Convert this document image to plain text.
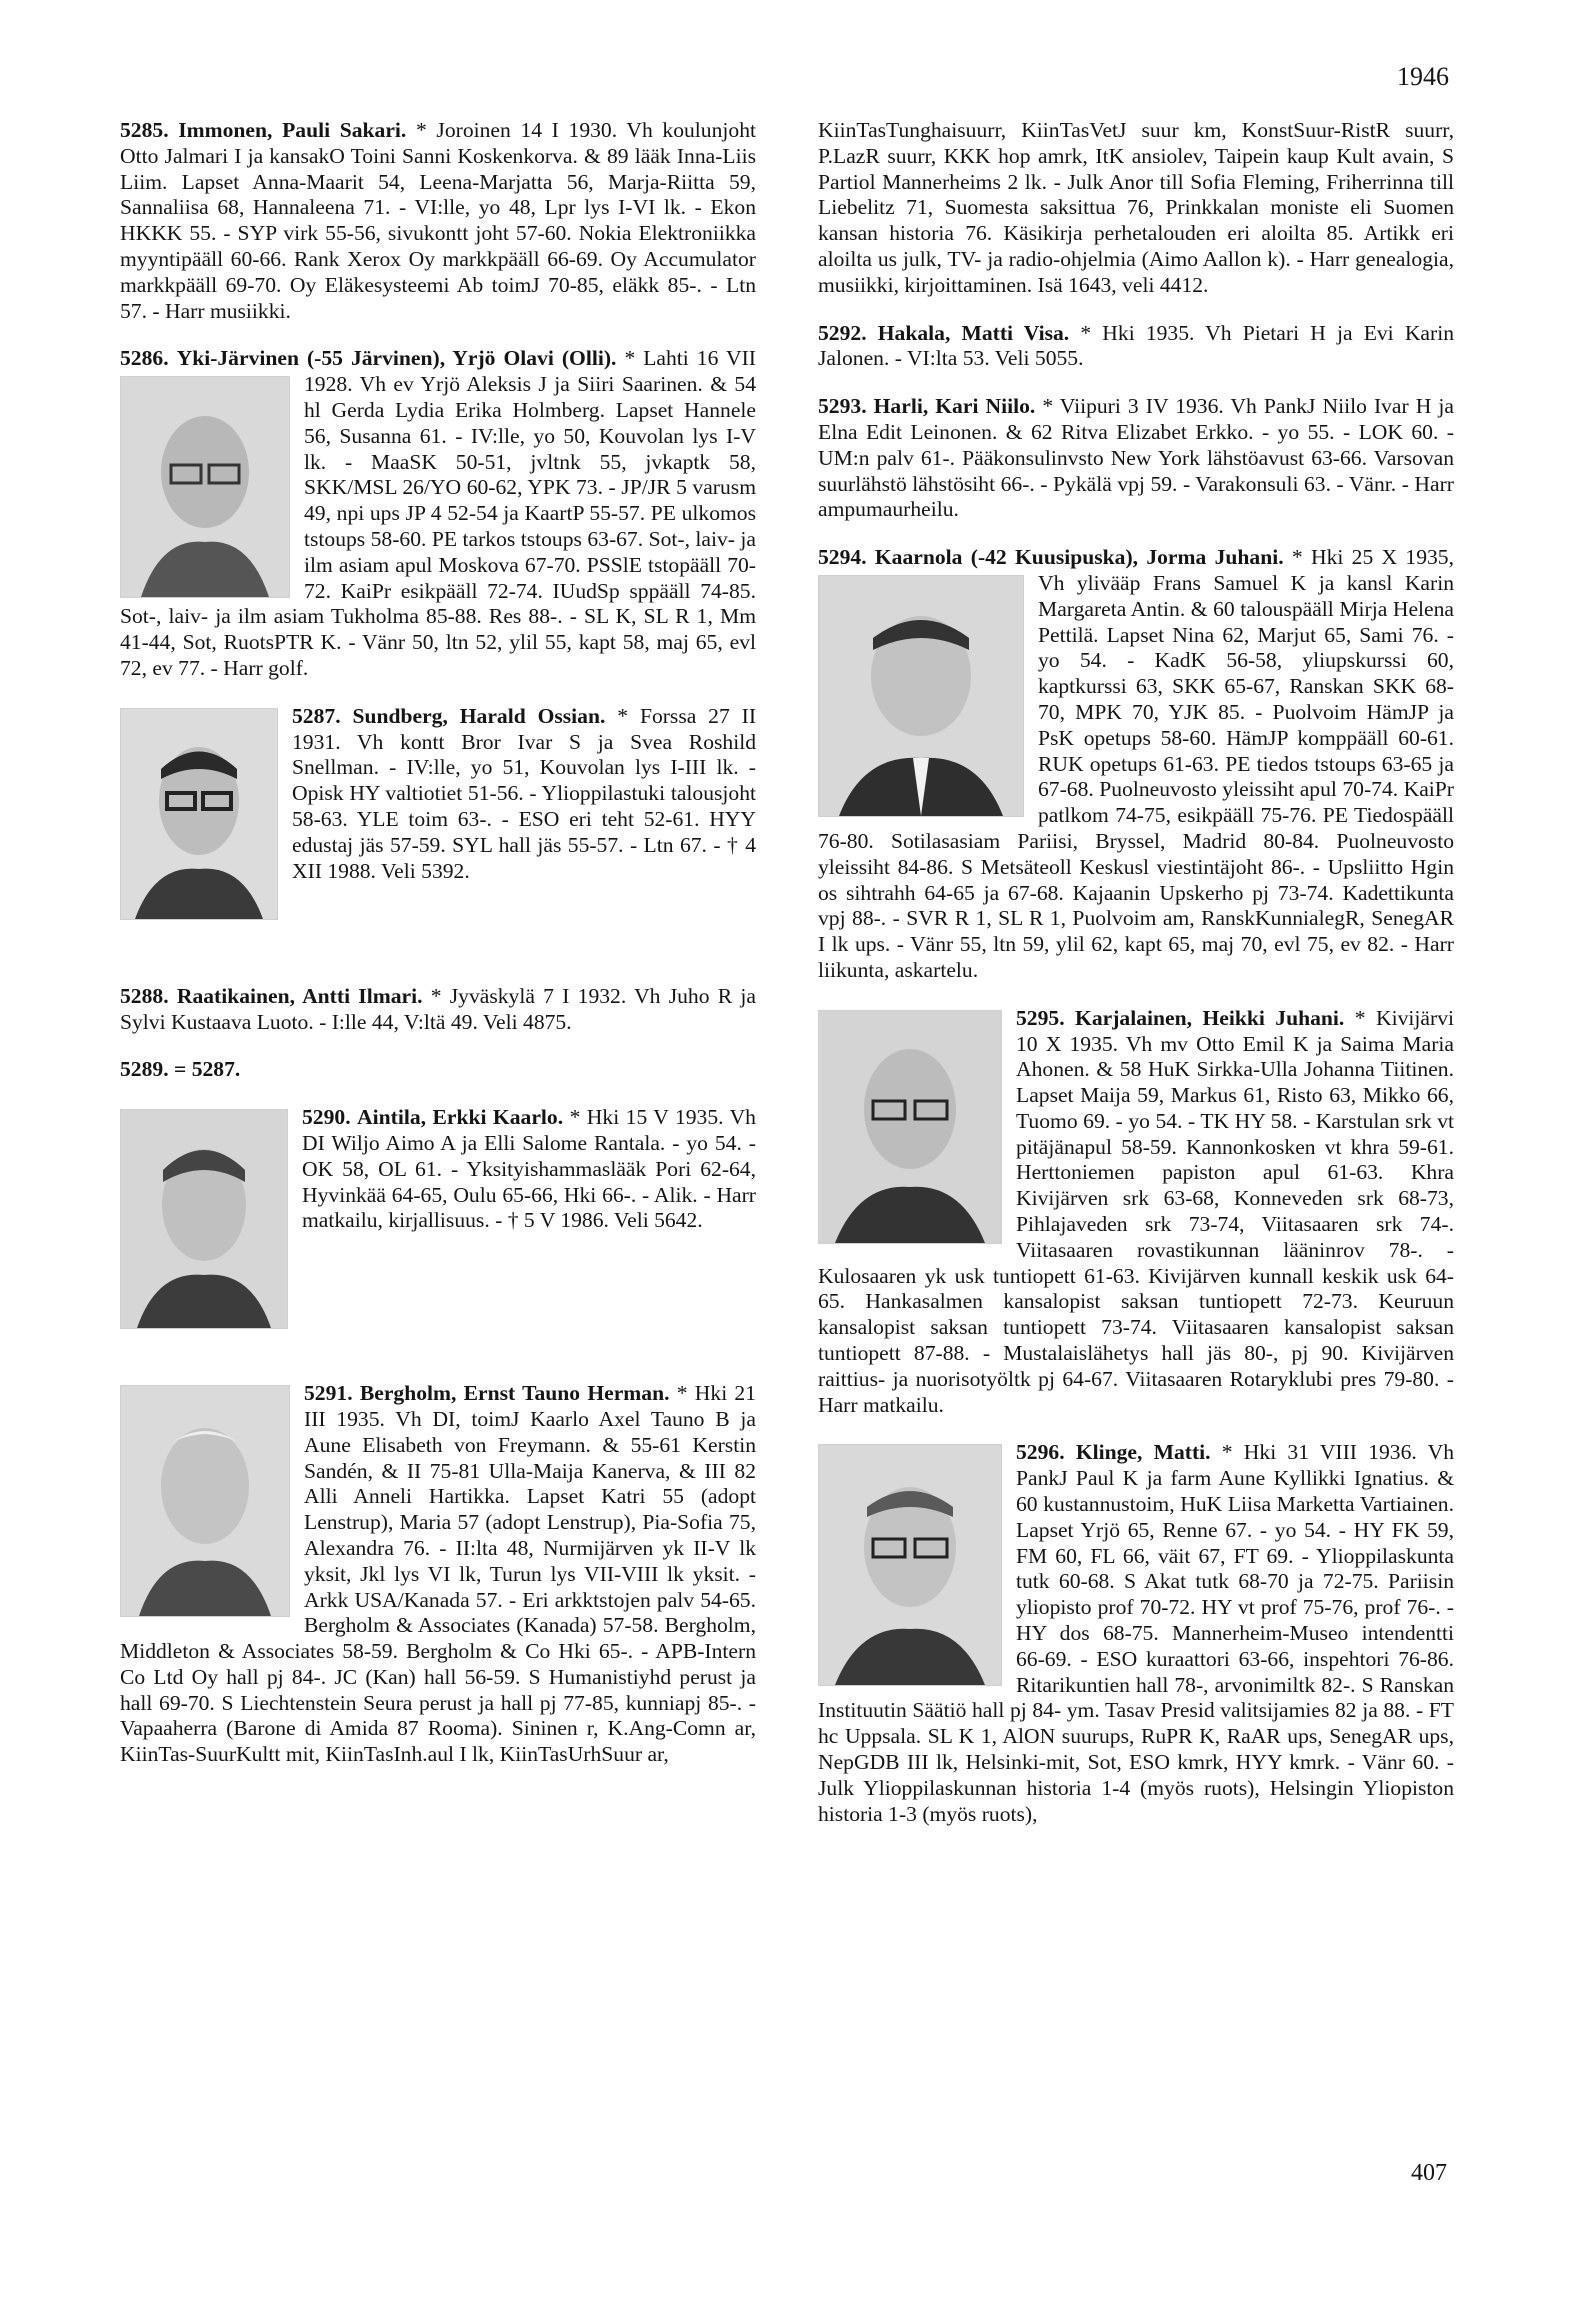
1946

5285. Immonen, Pauli Sakari. * Joroinen 14 I 1930. Vh koulunjoht Otto Jalmari I ja kansakO Toini Sanni Koskenkorva. & 89 lääk Inna-Liis Liim. Lapset Anna-Maarit 54, Leena-Marjatta 56, Marja-Riitta 59, Sannaliisa 68, Hannaleena 71. - VI:lle, yo 48, Lpr lys I-VI lk. - Ekon HKKK 55. - SYP virk 55-56, sivukontt joht 57-60. Nokia Elektroniikka myyntipääll 60-66. Rank Xerox Oy markkpääll 66-69. Oy Accumulator markkpääll 69-70. Oy Eläkesysteemi Ab toimJ 70-85, eläkk 85-. - Ltn 57. - Harr musiikki.

5286. Yki-Järvinen (-55 Järvinen), Yrjö Olavi (Olli). * Lahti 16 VII 1928. Vh ev Yrjö Aleksis J ja Siiri Saarinen. & 54 hl Gerda Lydia Erika Holmberg. Lapset Hannele 56, Susanna 61. - IV:lle, yo 50, Kouvolan lys I-V lk. - MaaSK 50-51, jvltnk 55, jvkaptk 58, SKK/MSL 26/YO 60-62, YPK 73. - JP/JR 5 varusm 49, npi ups JP 4 52-54 ja KaartP 55-57. PE ulkomos tstoups 58-60. PE tarkos tstoups 63-67. Sot-, laiv- ja ilm asiam apul Moskova 67-70. PSSlE tstopääll 70-72. KaiPr esikpääll 72-74. IUudSp sppääll 74-85. Sot-, laiv- ja ilm asiam Tukholma 85-88. Res 88-. - SL K, SL R 1, Mm 41-44, Sot, RuotsPTR K. - Vänr 50, ltn 52, ylil 55, kapt 58, maj 65, evl 72, ev 77. - Harr golf.

5287. Sundberg, Harald Ossian. * Forssa 27 II 1931. Vh kontt Bror Ivar S ja Svea Roshild Snellman. - IV:lle, yo 51, Kouvolan lys I-III lk. - Opisk HY valtiotiet 51-56. - Ylioppilastuki talousjoht 58-63. YLE toim 63-. - ESO eri teht 52-61. HYY edustaj jäs 57-59. SYL hall jäs 55-57. - Ltn 67. - † 4 XII 1988. Veli 5392.

5288. Raatikainen, Antti Ilmari. * Jyväskylä 7 I 1932. Vh Juho R ja Sylvi Kustaava Luoto. - I:lle 44, V:ltä 49. Veli 4875.

5289. = 5287.

5290. Aintila, Erkki Kaarlo. * Hki 15 V 1935. Vh DI Wiljo Aimo A ja Elli Salome Rantala. - yo 54. - OK 58, OL 61. - Yksityishammaslääk Pori 62-64, Hyvinkää 64-65, Oulu 65-66, Hki 66-. - Alik. - Harr matkailu, kirjallisuus. - † 5 V 1986. Veli 5642.

5291. Bergholm, Ernst Tauno Herman. * Hki 21 III 1935. Vh DI, toimJ Kaarlo Axel Tauno B ja Aune Elisabeth von Freymann. & 55-61 Kerstin Sandén, & II 75-81 Ulla-Maija Kanerva, & III 82 Alli Anneli Hartikka. Lapset Katri 55 (adopt Lenstrup), Maria 57 (adopt Lenstrup), Pia-Sofia 75, Alexandra 76. - II:lta 48, Nurmijärven yk II-V lk yksit, Jkl lys VI lk, Turun lys VII-VIII lk yksit. - Arkk USA/Kanada 57. - Eri arkktstojen palv 54-65. Bergholm & Associates (Kanada) 57-58. Bergholm, Middleton & Associates 58-59. Bergholm & Co Hki 65-. - APB-Intern Co Ltd Oy hall pj 84-. JC (Kan) hall 56-59. S Humanistiyhd perust ja hall 69-70. S Liechtenstein Seura perust ja hall pj 77-85, kunniapj 85-. - Vapaaherra (Barone di Amida 87 Rooma). Sininen r, K.Ang-Comn ar, KiinTas-SuurKultt mit, KiinTasInh.aul I lk, KiinTasUrhSuur ar,

KiinTasTunghaisuurr, KiinTasVetJ suur km, KonstSuur-RistR suurr, P.LazR suurr, KKK hop amrk, ItK ansiolev, Taipein kaup Kult avain, S Partiol Mannerheims 2 lk. - Julk Anor till Sofia Fleming, Friherrinna till Liebelitz 71, Suomesta saksittua 76, Prinkkalan moniste eli Suomen kansan historia 76. Käsikirja perhetalouden eri aloilta 85. Artikk eri aloilta us julk, TV- ja radio-ohjelmia (Aimo Aallon k). - Harr genealogia, musiikki, kirjoittaminen. Isä 1643, veli 4412.

5292. Hakala, Matti Visa. * Hki 1935. Vh Pietari H ja Evi Karin Jalonen. - VI:lta 53. Veli 5055.

5293. Harli, Kari Niilo. * Viipuri 3 IV 1936. Vh PankJ Niilo Ivar H ja Elna Edit Leinonen. & 62 Ritva Elizabet Erkko. - yo 55. - LOK 60. - UM:n palv 61-. Pääkonsulinvsto New York lähstöavust 63-66. Varsovan suurlähstö lähstösiht 66-. - Pykälä vpj 59. - Varakonsuli 63. - Vänr. - Harr ampumaurheilu.

5294. Kaarnola (-42 Kuusipuska), Jorma Juhani. * Hki 25 X 1935, Vh ylivääp Frans Samuel K ja kansl Karin Margareta Antin. & 60 talouspääll Mirja Helena Pettilä. Lapset Nina 62, Marjut 65, Sami 76. - yo 54. - KadK 56-58, yliupskurssi 60, kaptkurssi 63, SKK 65-67, Ranskan SKK 68-70, MPK 70, YJK 85. - Puolvoim HämJP ja PsK opetups 58-60. HämJP komppääll 60-61. RUK opetups 61-63. PE tiedos tstoups 63-65 ja 67-68. Puolneuvosto yleissiht apul 70-74. KaiPr patlkom 74-75, esikpääll 75-76. PE Tiedospääll 76-80. Sotilasasiam Pariisi, Bryssel, Madrid 80-84. Puolneuvosto yleissiht 84-86. S Metsäteoll Keskusl viestintäjoht 86-. - Upsliitto Hgin os sihtrahh 64-65 ja 67-68. Kajaanin Upskerho pj 73-74. Kadettikunta vpj 88-. - SVR R 1, SL R 1, Puolvoim am, RanskKunnialegR, SenegAR I lk ups. - Vänr 55, ltn 59, ylil 62, kapt 65, maj 70, evl 75, ev 82. - Harr liikunta, askartelu.

5295. Karjalainen, Heikki Juhani. * Kivijärvi 10 X 1935. Vh mv Otto Emil K ja Saima Maria Ahonen. & 58 HuK Sirkka-Ulla Johanna Tiitinen. Lapset Maija 59, Markus 61, Risto 63, Mikko 66, Tuomo 69. - yo 54. - TK HY 58. - Karstulan srk vt pitäjänapul 58-59. Kannonkosken vt khra 59-61. Herttoniemen papiston apul 61-63. Khra Kivijärven srk 63-68, Konneveden srk 68-73, Pihlajaveden srk 73-74, Viitasaaren srk 74-. Viitasaaren rovastikunnan lääninrov 78-. - Kulosaaren yk usk tuntiopett 61-63. Kivijärven kunnall keskik usk 64-65. Hankasalmen kansalopist saksan tuntiopett 72-73. Keuruun kansalopist saksan tuntiopett 73-74. Viitasaaren kansalopist saksan tuntiopett 87-88. - Mustalaislähetys hall jäs 80-, pj 90. Kivijärven raittius- ja nuorisotyöltk pj 64-67. Viitasaaren Rotaryklubi pres 79-80. - Harr matkailu.

5296. Klinge, Matti. * Hki 31 VIII 1936. Vh PankJ Paul K ja farm Aune Kyllikki Ignatius. & 60 kustannustoim, HuK Liisa Marketta Vartiainen. Lapset Yrjö 65, Renne 67. - yo 54. - HY FK 59, FM 60, FL 66, väit 67, FT 69. - Ylioppilaskunta tutk 60-68. S Akat tutk 68-70 ja 72-75. Pariisin yliopisto prof 70-72. HY vt prof 75-76, prof 76-. - HY dos 68-75. Mannerheim-Museo intendentti 66-69. - ESO kuraattori 63-66, inspehtori 76-86. Ritarikuntien hall 78-, arvonimiltk 82-. S Ranskan Instituutin Säätiö hall pj 84- ym. Tasav Presid valitsijamies 82 ja 88. - FT hc Uppsala. SL K 1, AlON suurups, RuPR K, RaAR ups, SenegAR ups, NepGDB III lk, Helsinki-mit, Sot, ESO kmrk, HYY kmrk. - Vänr 60. - Julk Ylioppilaskunnan historia 1-4 (myös ruots), Helsingin Yliopiston historia 1-3 (myös ruots),

407
